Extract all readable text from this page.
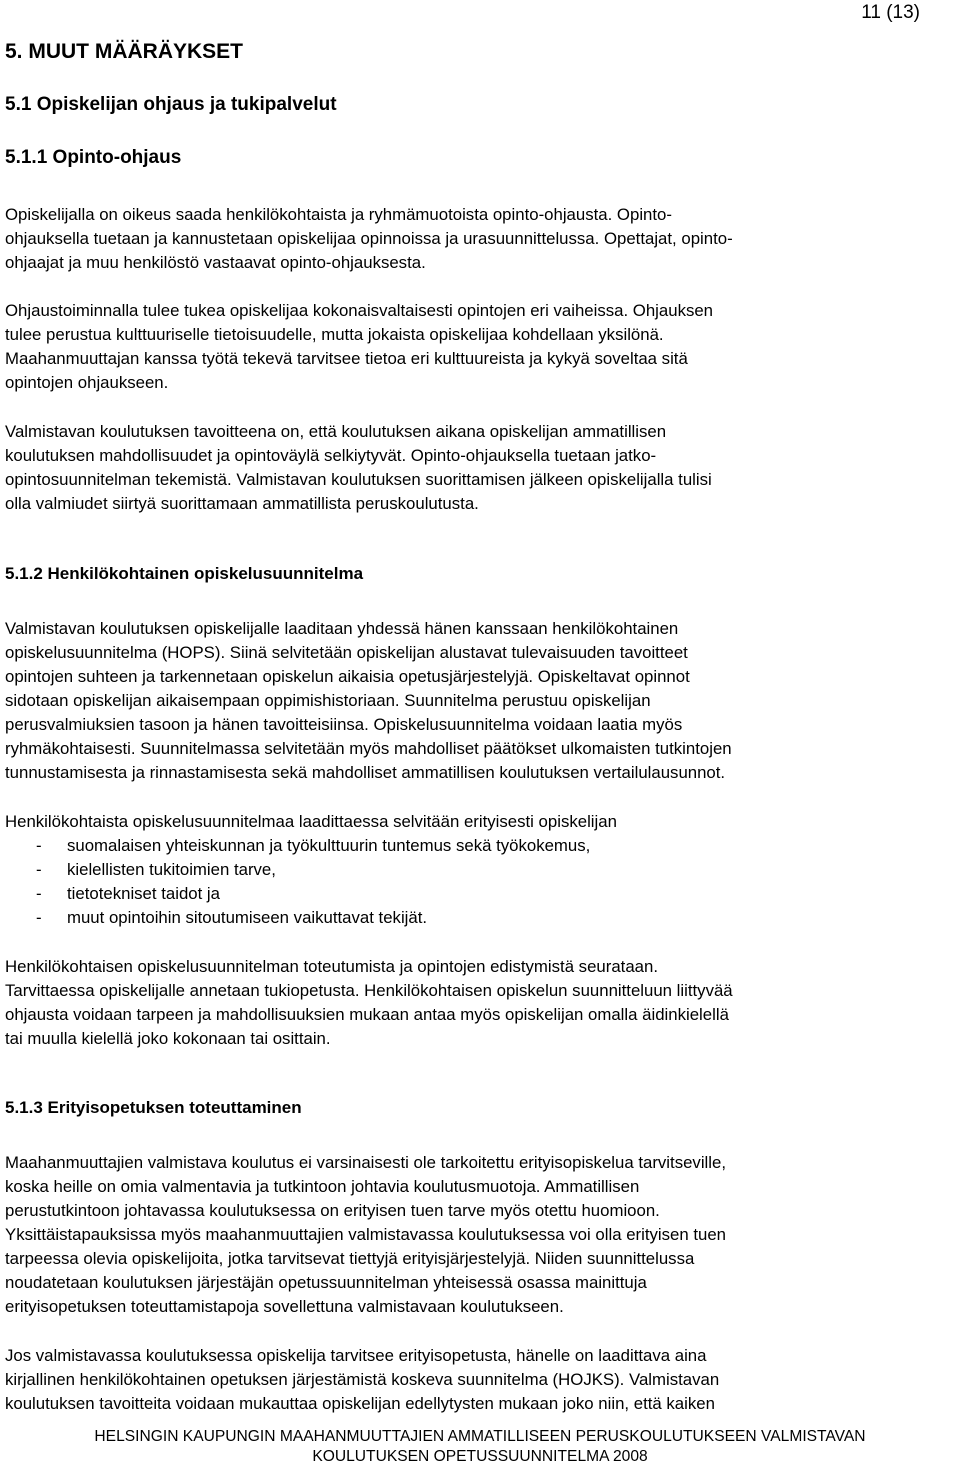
11 (13)
5. MUUT MÄÄRÄYKSET
5.1 Opiskelijan ohjaus ja tukipalvelut
5.1.1 Opinto-ohjaus

Opiskelijalla on oikeus saada henkilökohtaista ja ryhmämuotoista opinto-ohjausta. Opinto-
ohjauksella tuetaan ja kannustetaan opiskelijaa opinnoissa ja urasuunnittelussa. Opettajat, opinto-
ohjaajat ja muu henkilöstö vastaavat opinto-ohjauksesta.

Ohjaustoiminnalla tulee tukea opiskelijaa kokonaisvaltaisesti opintojen eri vaiheissa. Ohjauksen
tulee perustua kulttuuriselle tietoisuudelle, mutta jokaista opiskelijaa kohdellaan yksilönä.
Maahanmuuttajan kanssa työtä tekevä tarvitsee tietoa eri kulttuureista ja kykyä soveltaa sitä
opintojen ohjaukseen.

Valmistavan koulutuksen tavoitteena on, että koulutuksen aikana opiskelijan ammatillisen
koulutuksen mahdollisuudet ja opintoväylä selkiytyvät. Opinto-ohjauksella tuetaan jatko-
opintosuunnitelman tekemistä. Valmistavan koulutuksen suorittamisen jälkeen opiskelijalla tulisi
olla valmiudet siirtyä suorittamaan ammatillista peruskoulutusta.

5.1.2 Henkilökohtainen opiskelusuunnitelma

Valmistavan koulutuksen opiskelijalle laaditaan yhdessä hänen kanssaan henkilökohtainen
opiskelusuunnitelma (HOPS). Siinä selvitetään opiskelijan alustavat tulevaisuuden tavoitteet
opintojen suhteen ja tarkennetaan opiskelun aikaisia opetusjärjestelyjä. Opiskeltavat opinnot
sidotaan opiskelijan aikaisempaan oppimishistoriaan. Suunnitelma perustuu opiskelijan
perusvalmiuksien tasoon ja hänen tavoitteisiinsa. Opiskelusuunnitelma voidaan laatia myös
ryhmäkohtaisesti. Suunnitelmassa selvitetään myös mahdolliset päätökset ulkomaisten tutkintojen
tunnustamisesta ja rinnastamisesta sekä mahdolliset ammatillisen koulutuksen vertailulausunnot.

Henkilökohtaista opiskelusuunnitelmaa laadittaessa selvitään erityisesti opiskelijan

-	suomalaisen yhteiskunnan ja työkulttuurin tuntemus sekä työkokemus,
-	kielellisten tukitoimien tarve,
-	tietotekniset taidot ja
-	muut opintoihin sitoutumiseen vaikuttavat tekijät.

Henkilökohtaisen opiskelusuunnitelman toteutumista ja opintojen edistymistä seurataan.
Tarvittaessa opiskelijalle annetaan tukiopetusta. Henkilökohtaisen opiskelun suunnitteluun liittyvää
ohjausta voidaan tarpeen ja mahdollisuuksien mukaan antaa myös opiskelijan omalla äidinkielellä
tai muulla kielellä joko kokonaan tai osittain.

5.1.3 Erityisopetuksen toteuttaminen

Maahanmuuttajien valmistava koulutus ei varsinaisesti ole tarkoitettu erityisopiskelua tarvitseville,
koska heille on omia valmentavia ja tutkintoon johtavia koulutusmuotoja. Ammatillisen
perustutkintoon johtavassa koulutuksessa on erityisen tuen tarve myös otettu huomioon.
Yksittäistapauksissa myös maahanmuuttajien valmistavassa koulutuksessa voi olla erityisen tuen
tarpeessa olevia opiskelijoita, jotka tarvitsevat tiettyjä erityisjärjestelyjä. Niiden suunnittelussa
noudatetaan koulutuksen järjestäjän opetussuunnitelman yhteisessä osassa mainittuja
erityisopetuksen toteuttamistapoja sovellettuna valmistavaan koulutukseen.

Jos valmistavassa koulutuksessa opiskelija tarvitsee erityisopetusta, hänelle on laadittava aina
kirjallinen henkilökohtainen opetuksen järjestämistä koskeva suunnitelma (HOJKS). Valmistavan
koulutuksen tavoitteita voidaan mukauttaa opiskelijan edellytysten mukaan joko niin, että kaiken

HELSINGIN KAUPUNGIN MAAHANMUUTTAJIEN AMMATILLISEEN PERUSKOULUTUKSEEN VALMISTAVAN
KOULUTUKSEN OPETUSSUUNNITELMA 2008
